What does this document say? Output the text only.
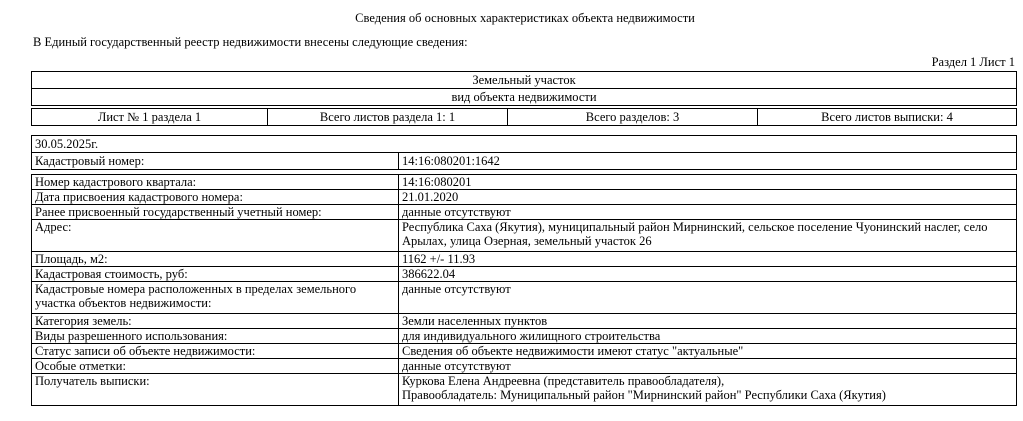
Сведения об основных характеристиках объекта недвижимости
В Единый государственный реестр недвижимости внесены следующие сведения:
Раздел 1 Лист 1
Земельный участок
вид объекта недвижимости

Лист № 1 раздела 1	Всего листов раздела 1: 1	Всего разделов: 3	Всего листов выписки: 4
30.05.2025г.
Кадастровый номер:	14:16:080201:1642
Номер кадастрового квартала:	14:16:080201
Дата присвоения кадастрового номера:	21.01.2020
Ранее присвоенный государственный учетный номер:	данные отсутствуют
Адрес:	Республика Саха (Якутия), муниципальный район Мирнинский, сельское поселение Чуонинский наслег, село Арылах, улица Озерная, земельный участок 26
Площадь, м2:	1162 +/- 11.93
Кадастровая стоимость, руб:	386622.04
Кадастровые номера расположенных в пределах земельного участка объектов недвижимости:	данные отсутствуют
Категория земель:	Земли населенных пунктов
Виды разрешенного использования:	для индивидуального жилищного строительства
Статус записи об объекте недвижимости:	Сведения об объекте недвижимости имеют статус "актуальные"
Особые отметки:	данные отсутствуют
Получатель выписки:	Куркова Елена Андреевна (представитель правообладателя),
Правообладатель: Муниципальный район "Мирнинский район" Республики Саха (Якутия)
